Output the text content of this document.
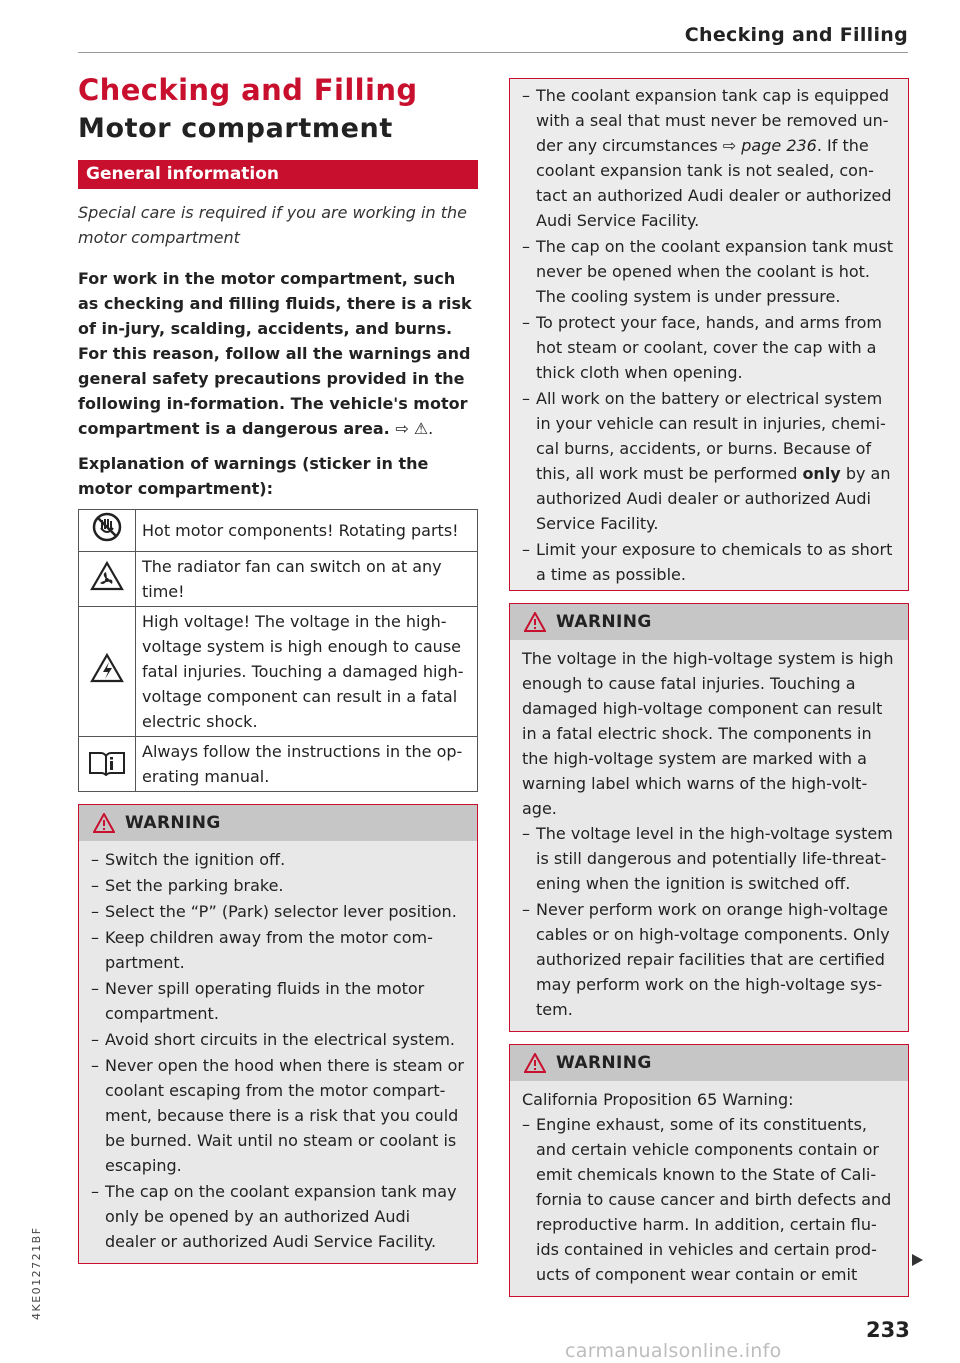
Checking and Filling
Checking and Filling
Motor compartment
General information

Special care is required if you are working in the motor compartment

For work in the motor compartment, such as checking and filling fluids, there is a risk of in-jury, scalding, accidents, and burns. For this reason, follow all the warnings and general safety precautions provided in the following in-formation. The vehicle's motor compartment is a dangerous area. ⇨ ⚠.

Explanation of warnings (sticker in the motor compartment):
	Hot motor components! Rotating parts!
	The radiator fan can switch on at any time!
	High voltage! The voltage in the high-voltage system is high enough to cause fatal injuries. Touching a damaged high-voltage component can result in a fatal electric shock.
	Always follow the instructions in the op-erating manual.
WARNING
– Switch the ignition off.
– Set the parking brake.
– Select the “P” (Park) selector lever position.
– Keep children away from the motor com-partment.
– Never spill operating fluids in the motor compartment.
– Avoid short circuits in the electrical system.
– Never open the hood when there is steam or coolant escaping from the motor compart-ment, because there is a risk that you could be burned. Wait until no steam or coolant is escaping.
– The cap on the coolant expansion tank may only be opened by an authorized Audi dealer or authorized Audi Service Facility.
– The coolant expansion tank cap is equipped with a seal that must never be removed un-der any circumstances ⇨ page 236. If the coolant expansion tank is not sealed, con-tact an authorized Audi dealer or authorized Audi Service Facility.
– The cap on the coolant expansion tank must never be opened when the coolant is hot. The cooling system is under pressure.
– To protect your face, hands, and arms from hot steam or coolant, cover the cap with a thick cloth when opening.
– All work on the battery or electrical system in your vehicle can result in injuries, chemi-cal burns, accidents, or burns. Because of this, all work must be performed only by an authorized Audi dealer or authorized Audi Service Facility.
– Limit your exposure to chemicals to as short a time as possible.
WARNING
The voltage in the high-voltage system is high enough to cause fatal injuries. Touching a damaged high-voltage component can result in a fatal electric shock. The components in the high-voltage system are marked with a warning label which warns of the high-volt-age.
– The voltage level in the high-voltage system is still dangerous and potentially life-threat-ening when the ignition is switched off.
– Never perform work on orange high-voltage cables or on high-voltage components. Only authorized repair facilities that are certified may perform work on the high-voltage sys-tem.
WARNING
California Proposition 65 Warning:
– Engine exhaust, some of its constituents, and certain vehicle components contain or emit chemicals known to the State of Cali-fornia to cause cancer and birth defects and reproductive harm. In addition, certain flu-ids contained in vehicles and certain prod-ucts of component wear contain or emit
4KE012721BF
233
carmanualsonline.info
